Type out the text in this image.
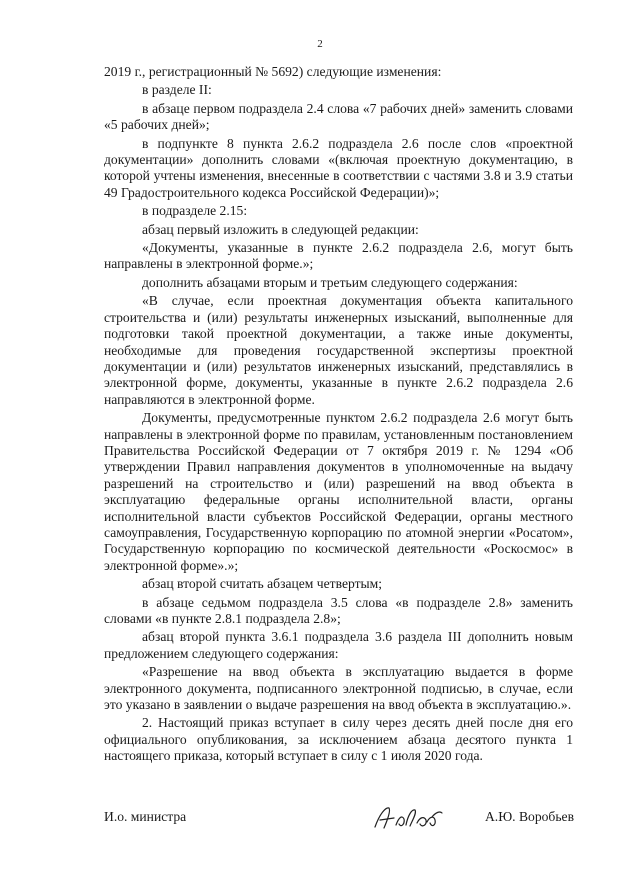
2

2019 г., регистрационный № 5692) следующие изменения:

в разделе II:

в абзаце первом подраздела 2.4 слова «7 рабочих дней» заменить словами «5 рабочих дней»;

в подпункте 8 пункта 2.6.2 подраздела 2.6 после слов «проектной документации» дополнить словами «(включая проектную документацию, в которой учтены изменения, внесенные в соответствии с частями 3.8 и 3.9 статьи 49 Градостроительного кодекса Российской Федерации)»;

в подразделе 2.15:

абзац первый изложить в следующей редакции:

«Документы, указанные в пункте 2.6.2 подраздела 2.6, могут быть направлены в электронной форме.»;

дополнить абзацами вторым и третьим следующего содержания:

«В случае, если проектная документация объекта капитального строительства и (или) результаты инженерных изысканий, выполненные для подготовки такой проектной документации, а также иные документы, необходимые для проведения государственной экспертизы проектной документации и (или) результатов инженерных изысканий, представлялись в электронной форме, документы, указанные в пункте 2.6.2 подраздела 2.6 направляются в электронной форме.

Документы, предусмотренные пунктом 2.6.2 подраздела 2.6 могут быть направлены в электронной форме по правилам, установленным постановлением Правительства Российской Федерации от 7 октября 2019 г. № 1294 «Об утверждении Правил направления документов в уполномоченные на выдачу разрешений на строительство и (или) разрешений на ввод объекта в эксплуатацию федеральные органы исполнительной власти, органы исполнительной власти субъектов Российской Федерации, органы местного самоуправления, Государственную корпорацию по атомной энергии «Росатом», Государственную корпорацию по космической деятельности «Роскосмос» в электронной форме».»;

абзац второй считать абзацем четвертым;

в абзаце седьмом подраздела 3.5 слова «в подразделе 2.8» заменить словами «в пункте 2.8.1 подраздела 2.8»;

абзац второй пункта 3.6.1 подраздела 3.6 раздела III дополнить новым предложением следующего содержания:

«Разрешение на ввод объекта в эксплуатацию выдается в форме электронного документа, подписанного электронной подписью, в случае, если это указано в заявлении о выдаче разрешения на ввод объекта в эксплуатацию.».

2. Настоящий приказ вступает в силу через десять дней после дня его официального опубликования, за исключением абзаца десятого пункта 1 настоящего приказа, который вступает в силу с 1 июля 2020 года.

И.о. министра	А.Ю. Воробьев
